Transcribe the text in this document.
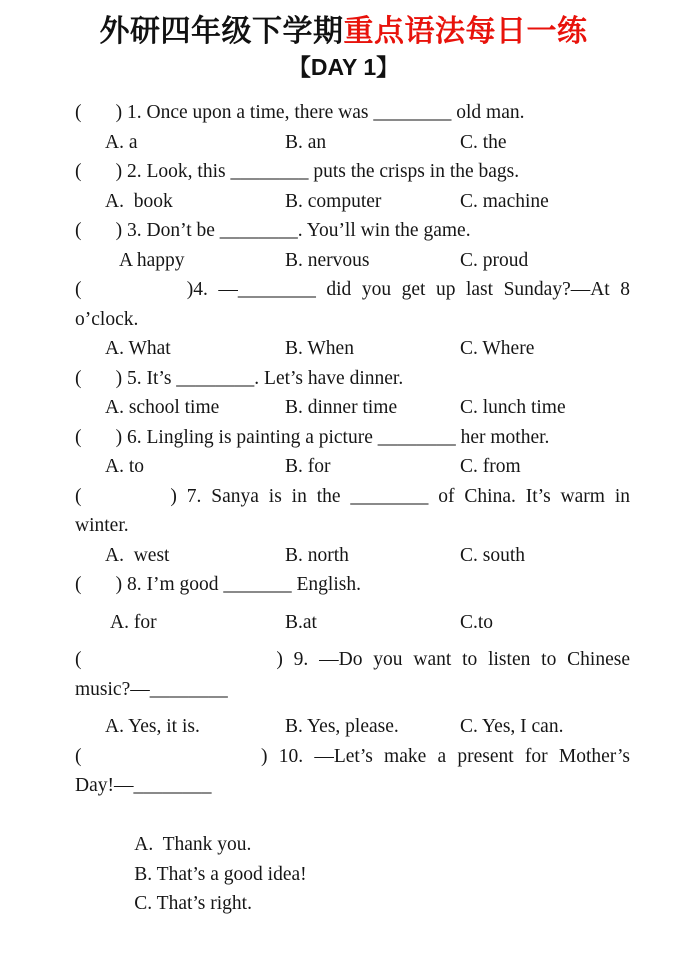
外研四年级下学期重点语法每日一练
【DAY 1】

(       ) 1. Once upon a time, there was ________ old man.

A. a	B. an	C. the

(       ) 2. Look, this ________ puts the crisps in the bags.

A.  book	B. computer	C. machine

(       ) 3. Don’t be ________. You’ll win the game.

A happy	B. nervous	C. proud

(          )4. —________ did you get up last Sunday?—At 8

o’clock.

A. What	B. When	C. Where

(       ) 5. It’s ________. Let’s have dinner.

A. school time	B. dinner time	C. lunch time

(       ) 6. Lingling is painting a picture ________ her mother.

A. to	B. for	C. from

(         ) 7. Sanya is in the ________ of China. It’s warm in

winter.

A.  west	B. north	C. south

(       ) 8. I’m good _______ English.

A. for	B.at	C.to

(                  ) 9. —Do you want to listen to Chinese

music?—________

A. Yes, it is.	B. Yes, please.	C. Yes, I can.

(                ) 10. —Let’s make a present for Mother’s

Day!—________

A.  Thank you.
B. That’s a good idea!
C. That’s right.
